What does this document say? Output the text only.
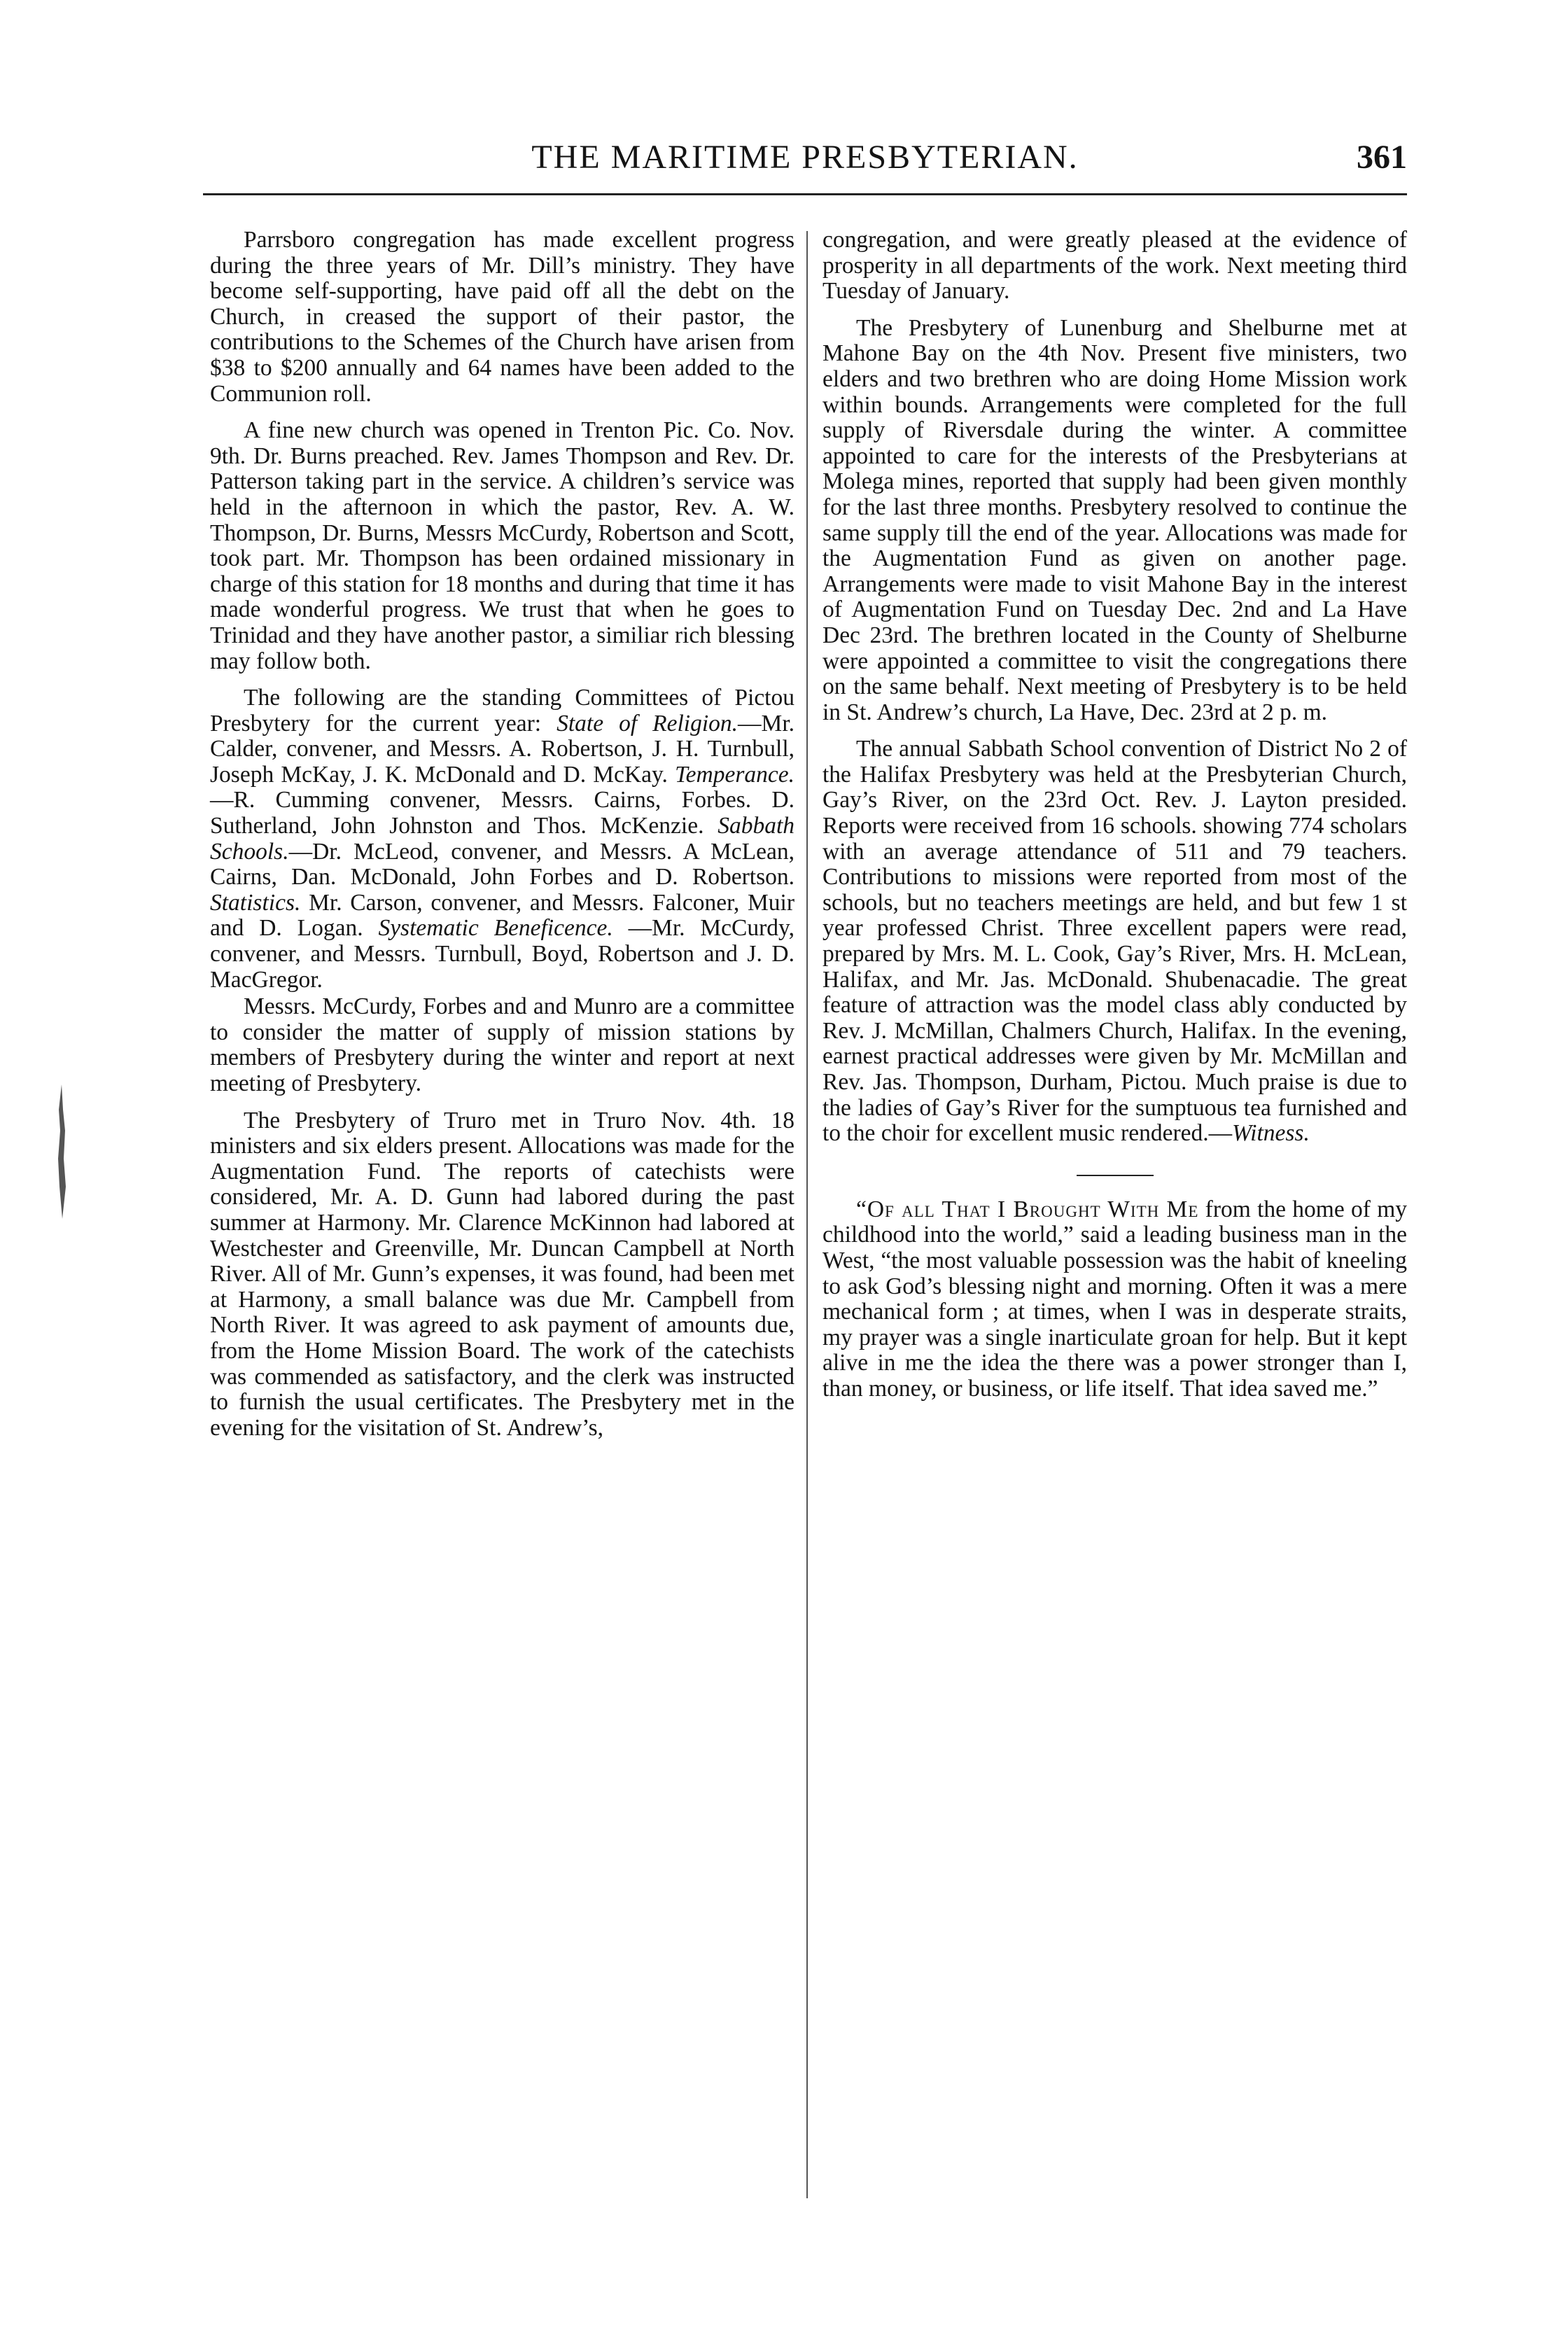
THE MARITIME PRESBYTERIAN.	361

Parrsboro congregation has made excellent progress during the three years of Mr. Dill’s ministry. They have become self-supporting, have paid off all the debt on the Church, in creased the support of their pastor, the contributions to the Schemes of the Church have arisen from $38 to $200 annually and 64 names have been added to the Communion roll.

A fine new church was opened in Trenton Pic. Co. Nov. 9th. Dr. Burns preached. Rev. James Thompson and Rev. Dr. Patterson taking part in the service. A children’s service was held in the afternoon in which the pastor, Rev. A. W. Thompson, Dr. Burns, Messrs McCurdy, Robertson and Scott, took part. Mr. Thompson has been ordained missionary in charge of this station for 18 months and during that time it has made wonderful progress. We trust that when he goes to Trinidad and they have another pastor, a similiar rich blessing may follow both.

The following are the standing Committees of Pictou Presbytery for the current year: State of Religion.—Mr. Calder, convener, and Messrs. A. Robertson, J. H. Turnbull, Joseph McKay, J. K. McDonald and D. McKay. Temperance.—R. Cumming convener, Messrs. Cairns, Forbes. D. Sutherland, John Johnston and Thos. McKenzie. Sabbath Schools.—Dr. McLeod, convener, and Messrs. A McLean, Cairns, Dan. McDonald, John Forbes and D. Robertson. Statistics. Mr. Carson, convener, and Messrs. Falconer, Muir and D. Logan. Systematic Beneficence. —Mr. McCurdy, convener, and Messrs. Turnbull, Boyd, Robertson and J. D. MacGregor.

Messrs. McCurdy, Forbes and and Munro are a committee to consider the matter of supply of mission stations by members of Presbytery during the winter and report at next meeting of Presbytery.

The Presbytery of Truro met in Truro Nov. 4th. 18 ministers and six elders present. Allocations was made for the Augmentation Fund. The reports of catechists were considered, Mr. A. D. Gunn had labored during the past summer at Harmony. Mr. Clarence McKinnon had labored at Westchester and Greenville, Mr. Duncan Campbell at North River. All of Mr. Gunn’s expenses, it was found, had been met at Harmony, a small balance was due Mr. Campbell from North River. It was agreed to ask payment of amounts due, from the Home Mission Board. The work of the catechists was commended as satisfactory, and the clerk was instructed to furnish the usual certificates. The Presbytery met in the evening for the visitation of St. Andrew’s,

congregation, and were greatly pleased at the evidence of prosperity in all departments of the work. Next meeting third Tuesday of January.

The Presbytery of Lunenburg and Shelburne met at Mahone Bay on the 4th Nov. Present five ministers, two elders and two brethren who are doing Home Mission work within bounds. Arrangements were completed for the full supply of Riversdale during the winter. A committee appointed to care for the interests of the Presbyterians at Molega mines, reported that supply had been given monthly for the last three months. Presbytery resolved to continue the same supply till the end of the year. Allocations was made for the Augmentation Fund as given on another page. Arrangements were made to visit Mahone Bay in the interest of Augmentation Fund on Tuesday Dec. 2nd and La Have Dec 23rd. The brethren located in the County of Shelburne were appointed a committee to visit the congregations there on the same behalf. Next meeting of Presbytery is to be held in St. Andrew’s church, La Have, Dec. 23rd at 2 p. m.

The annual Sabbath School convention of District No 2 of the Halifax Presbytery was held at the Presbyterian Church, Gay’s River, on the 23rd Oct. Rev. J. Layton presided. Reports were received from 16 schools. showing 774 scholars with an average attendance of 511 and 79 teachers. Contributions to missions were reported from most of the schools, but no teachers meetings are held, and but few 1 st year professed Christ. Three excellent papers were read, prepared by Mrs. M. L. Cook, Gay’s River, Mrs. H. McLean, Halifax, and Mr. Jas. McDonald. Shubenacadie. The great feature of attraction was the model class ably conducted by Rev. J. McMillan, Chalmers Church, Halifax. In the evening, earnest practical addresses were given by Mr. McMillan and Rev. Jas. Thompson, Durham, Pictou. Much praise is due to the ladies of Gay’s River for the sumptuous tea furnished and to the choir for excellent music rendered.—Witness.

“Of all That I Brought With Me from the home of my childhood into the world,” said a leading business man in the West, “the most valuable possession was the habit of kneeling to ask God’s blessing night and morning. Often it was a mere mechanical form ; at times, when I was in desperate straits, my prayer was a single inarticulate groan for help. But it kept alive in me the idea the there was a power stronger than I, than money, or business, or life itself. That idea saved me.”
